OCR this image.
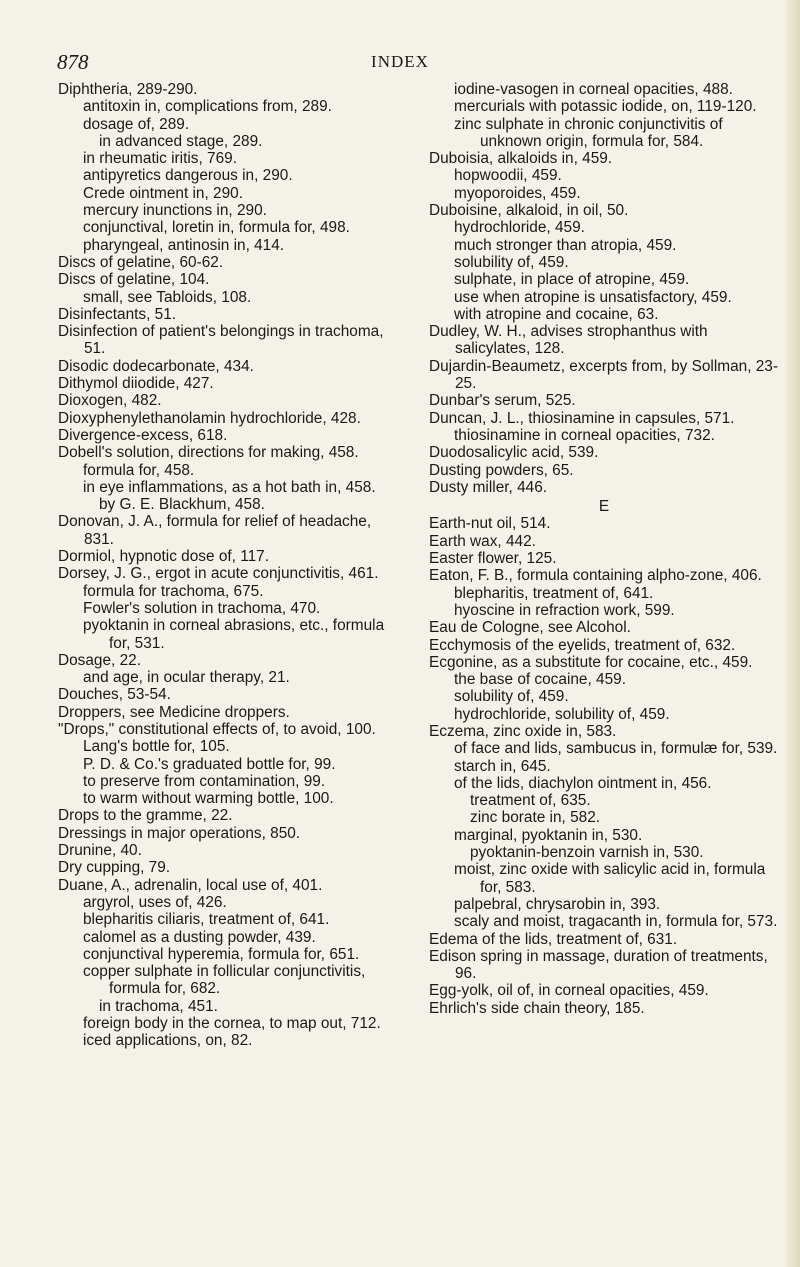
878	INDEX

Diphtheria, 289-290.

antitoxin in, complications from, 289.

dosage of, 289.

in advanced stage, 289.

in rheumatic iritis, 769.

antipyretics dangerous in, 290.

Crede ointment in, 290.

mercury inunctions in, 290.

conjunctival, loretin in, formula for, 498.

pharyngeal, antinosin in, 414.

Discs of gelatine, 60-62.

Discs of gelatine, 104.

small, see Tabloids, 108.

Disinfectants, 51.

Disinfection of patient's belongings in trachoma, 51.

Disodic dodecarbonate, 434.

Dithymol diiodide, 427.

Dioxogen, 482.

Dioxyphenylethanolamin hydrochloride, 428.

Divergence-excess, 618.

Dobell's solution, directions for making, 458.

formula for, 458.

in eye inflammations, as a hot bath in, 458.

by G. E. Blackhum, 458.

Donovan, J. A., formula for relief of headache, 831.

Dormiol, hypnotic dose of, 117.

Dorsey, J. G., ergot in acute conjunctivitis, 461.

formula for trachoma, 675.

Fowler's solution in trachoma, 470.

pyoktanin in corneal abrasions, etc., formula for, 531.

Dosage, 22.

and age, in ocular therapy, 21.

Douches, 53-54.

Droppers, see Medicine droppers.

"Drops," constitutional effects of, to avoid, 100.

Lang's bottle for, 105.

P. D. & Co.'s graduated bottle for, 99.

to preserve from contamination, 99.

to warm without warming bottle, 100.

Drops to the gramme, 22.

Dressings in major operations, 850.

Drunine, 40.

Dry cupping, 79.

Duane, A., adrenalin, local use of, 401.

argyrol, uses of, 426.

blepharitis ciliaris, treatment of, 641.

calomel as a dusting powder, 439.

conjunctival hyperemia, formula for, 651.

copper sulphate in follicular conjunctivitis, formula for, 682.

in trachoma, 451.

foreign body in the cornea, to map out, 712.

iced applications, on, 82.

iodine-vasogen in corneal opacities, 488.

mercurials with potassic iodide, on, 119-120.

zinc sulphate in chronic conjunctivitis of unknown origin, formula for, 584.

Duboisia, alkaloids in, 459.

hopwoodii, 459.

myoporoides, 459.

Duboisine, alkaloid, in oil, 50.

hydrochloride, 459.

much stronger than atropia, 459.

solubility of, 459.

sulphate, in place of atropine, 459.

use when atropine is unsatisfactory, 459.

with atropine and cocaine, 63.

Dudley, W. H., advises strophanthus with salicylates, 128.

Dujardin-Beaumetz, excerpts from, by Sollman, 23-25.

Dunbar's serum, 525.

Duncan, J. L., thiosinamine in capsules, 571.

thiosinamine in corneal opacities, 732.

Duodosalicylic acid, 539.

Dusting powders, 65.

Dusty miller, 446.

E

Earth-nut oil, 514.

Earth wax, 442.

Easter flower, 125.

Eaton, F. B., formula containing alpho-zone, 406.

blepharitis, treatment of, 641.

hyoscine in refraction work, 599.

Eau de Cologne, see Alcohol.

Ecchymosis of the eyelids, treatment of, 632.

Ecgonine, as a substitute for cocaine, etc., 459.

the base of cocaine, 459.

solubility of, 459.

hydrochloride, solubility of, 459.

Eczema, zinc oxide in, 583.

of face and lids, sambucus in, formulæ for, 539.

starch in, 645.

of the lids, diachylon ointment in, 456.

treatment of, 635.

zinc borate in, 582.

marginal, pyoktanin in, 530.

pyoktanin-benzoin varnish in, 530.

moist, zinc oxide with salicylic acid in, formula for, 583.

palpebral, chrysarobin in, 393.

scaly and moist, tragacanth in, formula for, 573.

Edema of the lids, treatment of, 631.

Edison spring in massage, duration of treatments, 96.

Egg-yolk, oil of, in corneal opacities, 459.

Ehrlich's side chain theory, 185.
